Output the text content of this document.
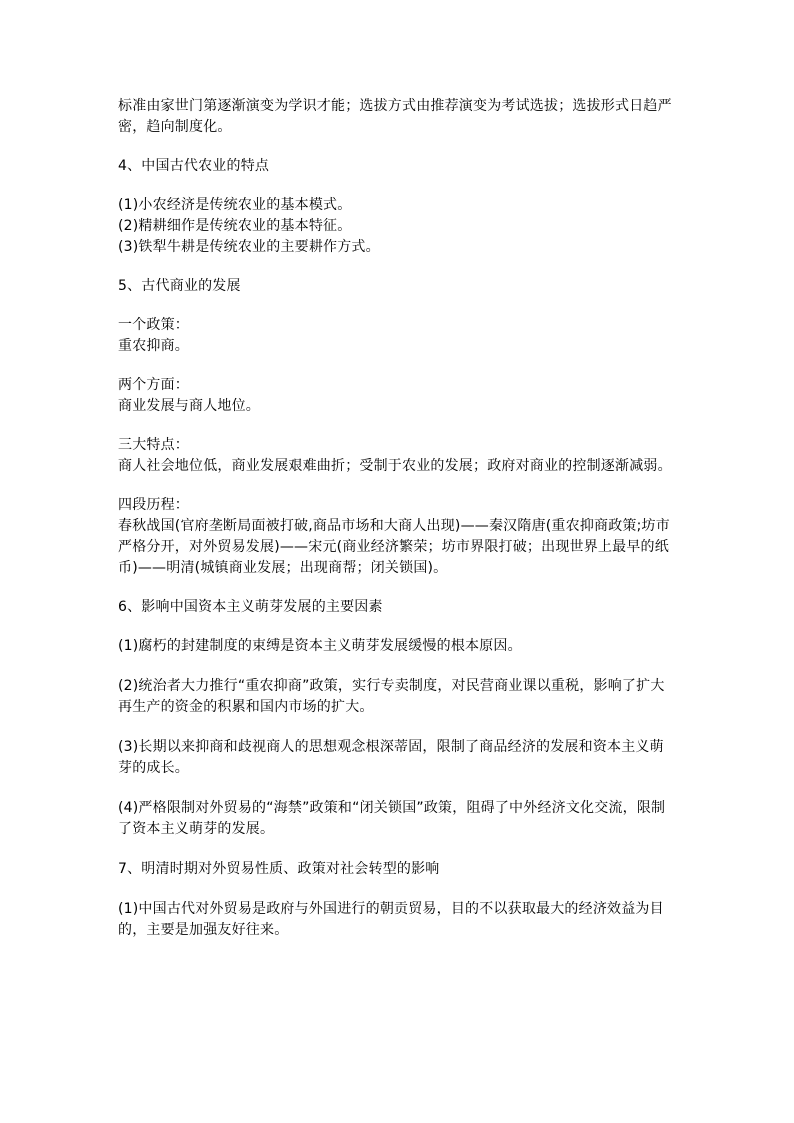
标准由家世门第逐渐演变为学识才能；选拔方式由推荐演变为考试选拔；选拔形式日趋严密，趋向制度化。

4、中国古代农业的特点

(1)小农经济是传统农业的基本模式。

(2)精耕细作是传统农业的基本特征。

(3)铁犁牛耕是传统农业的主要耕作方式。

5、古代商业的发展

一个政策：

重农抑商。

两个方面：

商业发展与商人地位。

三大特点：

商人社会地位低，商业发展艰难曲折；受制于农业的发展；政府对商业的控制逐渐减弱。

四段历程：

春秋战国(官府垄断局面被打破,商品市场和大商人出现)——秦汉隋唐(重农抑商政策;坊市严格分开，对外贸易发展)——宋元(商业经济繁荣；坊市界限打破；出现世界上最早的纸币)——明清(城镇商业发展；出现商帮；闭关锁国)。

6、影响中国资本主义萌芽发展的主要因素

(1)腐朽的封建制度的束缚是资本主义萌芽发展缓慢的根本原因。

(2)统治者大力推行“重农抑商”政策，实行专卖制度，对民营商业课以重税，影响了扩大再生产的资金的积累和国内市场的扩大。

(3)长期以来抑商和歧视商人的思想观念根深蒂固，限制了商品经济的发展和资本主义萌芽的成长。

(4)严格限制对外贸易的“海禁”政策和“闭关锁国”政策，阻碍了中外经济文化交流，限制了资本主义萌芽的发展。

7、明清时期对外贸易性质、政策对社会转型的影响

(1)中国古代对外贸易是政府与外国进行的朝贡贸易，目的不以获取最大的经济效益为目的，主要是加强友好往来。
